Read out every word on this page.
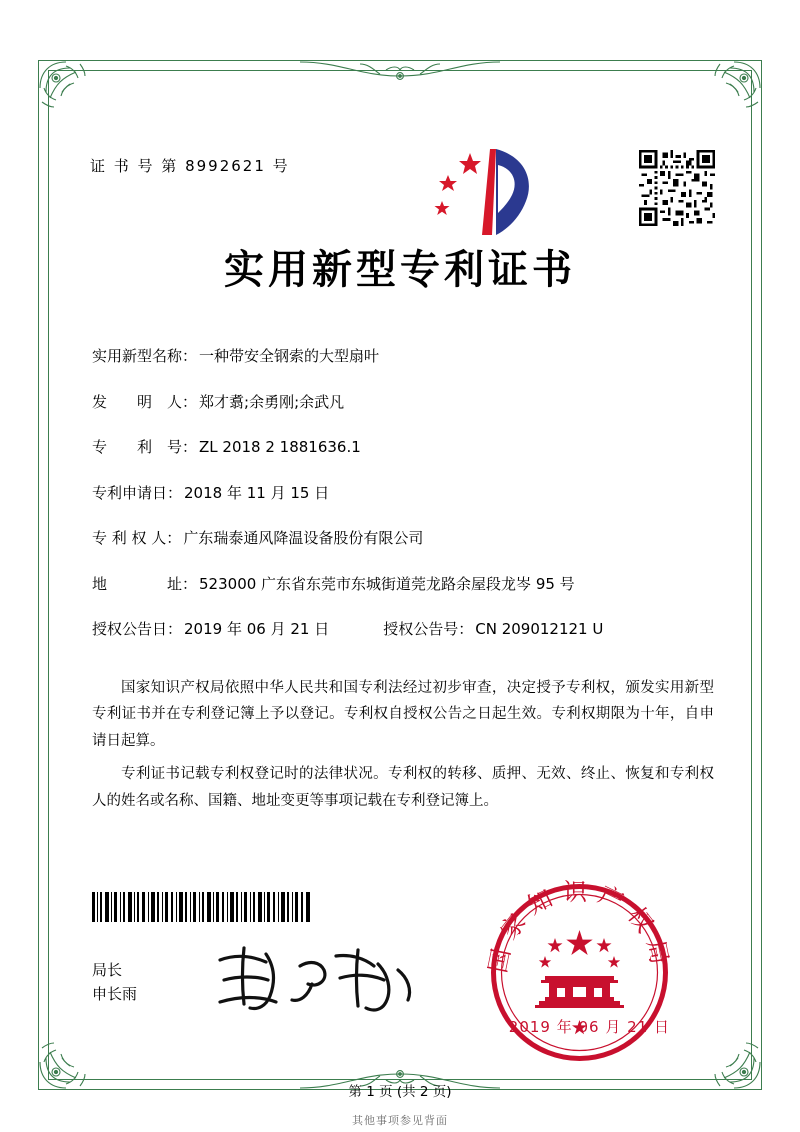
证 书 号 第 8992621 号
实用新型专利证书
实用新型名称： 一种带安全钢索的大型扇叶
发　　明　人： 郑才翥;余勇刚;余武凡
专　　利　号： ZL 2018 2 1881636.1
专利申请日： 2018 年 11 月 15 日
专 利 权 人： 广东瑞泰通风降温设备股份有限公司
地　　　　址： 523000 广东省东莞市东城街道莞龙路余屋段龙岑 95 号
授权公告日： 2019 年 06 月 21 日	授权公告号： CN 209012121 U

国家知识产权局依照中华人民共和国专利法经过初步审查，决定授予专利权，颁发实用新型专利证书并在专利登记簿上予以登记。专利权自授权公告之日起生效。专利权期限为十年，自申请日起算。

专利证书记载专利权登记时的法律状况。专利权的转移、质押、无效、终止、恢复和专利权人的姓名或名称、国籍、地址变更等事项记载在专利登记簿上。

局长
申长雨
国家知识产权局
2019 年 06 月 21 日
第 1 页 (共 2 页)
其他事项参见背面
